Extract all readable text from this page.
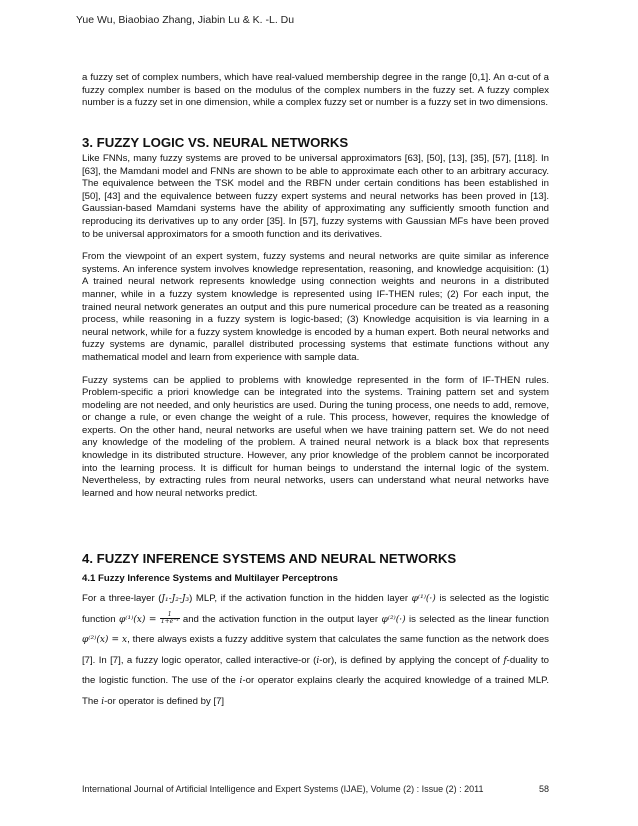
Yue Wu, Biaobiao Zhang, Jiabin Lu & K. -L. Du

a fuzzy set of complex numbers, which have real-valued membership degree in the range [0,1]. An α-cut of a fuzzy complex number is based on the modulus of the complex numbers in the fuzzy set. A fuzzy complex number is a fuzzy set in one dimension, while a complex fuzzy set or number is a fuzzy set in two dimensions.

3. FUZZY LOGIC VS. NEURAL NETWORKS

Like FNNs, many fuzzy systems are proved to be universal approximators [63], [50], [13], [35], [57], [118]. In [63], the Mamdani model and FNNs are shown to be able to approximate each other to an arbitrary accuracy. The equivalence between the TSK model and the RBFN under certain conditions has been established in [50], [43] and the equivalence between fuzzy expert systems and neural networks has been proved in [13]. Gaussian-based Mamdani systems have the ability of approximating any sufficiently smooth function and reproducing its derivatives up to any order [35]. In [57], fuzzy systems with Gaussian MFs have been proved to be universal approximators for a smooth function and its derivatives.

From the viewpoint of an expert system, fuzzy systems and neural networks are quite similar as inference systems. An inference system involves knowledge representation, reasoning, and knowledge acquisition: (1) A trained neural network represents knowledge using connection weights and neurons in a distributed manner, while in a fuzzy system knowledge is represented using IF-THEN rules; (2) For each input, the trained neural network generates an output and this pure numerical procedure can be treated as a reasoning process, while reasoning in a fuzzy system is logic-based; (3) Knowledge acquisition is via learning in a neural network, while for a fuzzy system knowledge is encoded by a human expert. Both neural networks and fuzzy systems are dynamic, parallel distributed processing systems that estimate functions without any mathematical model and learn from experience with sample data.

Fuzzy systems can be applied to problems with knowledge represented in the form of IF-THEN rules. Problem-specific a priori knowledge can be integrated into the systems. Training pattern set and system modeling are not needed, and only heuristics are used. During the tuning process, one needs to add, remove, or change a rule, or even change the weight of a rule. This process, however, requires the knowledge of experts. On the other hand, neural networks are useful when we have training pattern set. We do not need any knowledge of the modeling of the problem. A trained neural network is a black box that represents knowledge in its distributed structure. However, any prior knowledge of the problem cannot be incorporated into the learning process. It is difficult for human beings to understand the internal logic of the system. Nevertheless, by extracting rules from neural networks, users can understand what neural networks have learned and how neural networks predict.

4. FUZZY INFERENCE SYSTEMS AND NEURAL NETWORKS
4.1 Fuzzy Inference Systems and Multilayer Perceptrons

For a three-layer (J₁-J₂-J₃) MLP, if the activation function in the hidden layer φ⁽¹⁾(·) is selected as the logistic function $\varphi^{(1)}(x) = \frac{1}{\text{1+e⁻ˣ}}$ and the activation function in the output layer φ⁽²⁾(·) is selected as the linear function φ⁽²⁾(x) = x, there always exists a fuzzy additive system that calculates the same function as the network does [7]. In [7], a fuzzy logic operator, called interactive-or (i-or), is defined by applying the concept of f-duality to the logistic function. The use of the i-or operator explains clearly the acquired knowledge of a trained MLP. The i-or operator is defined by [7]

International Journal of Artificial Intelligence and Expert Systems (IJAE), Volume (2) : Issue (2) : 2011	58
